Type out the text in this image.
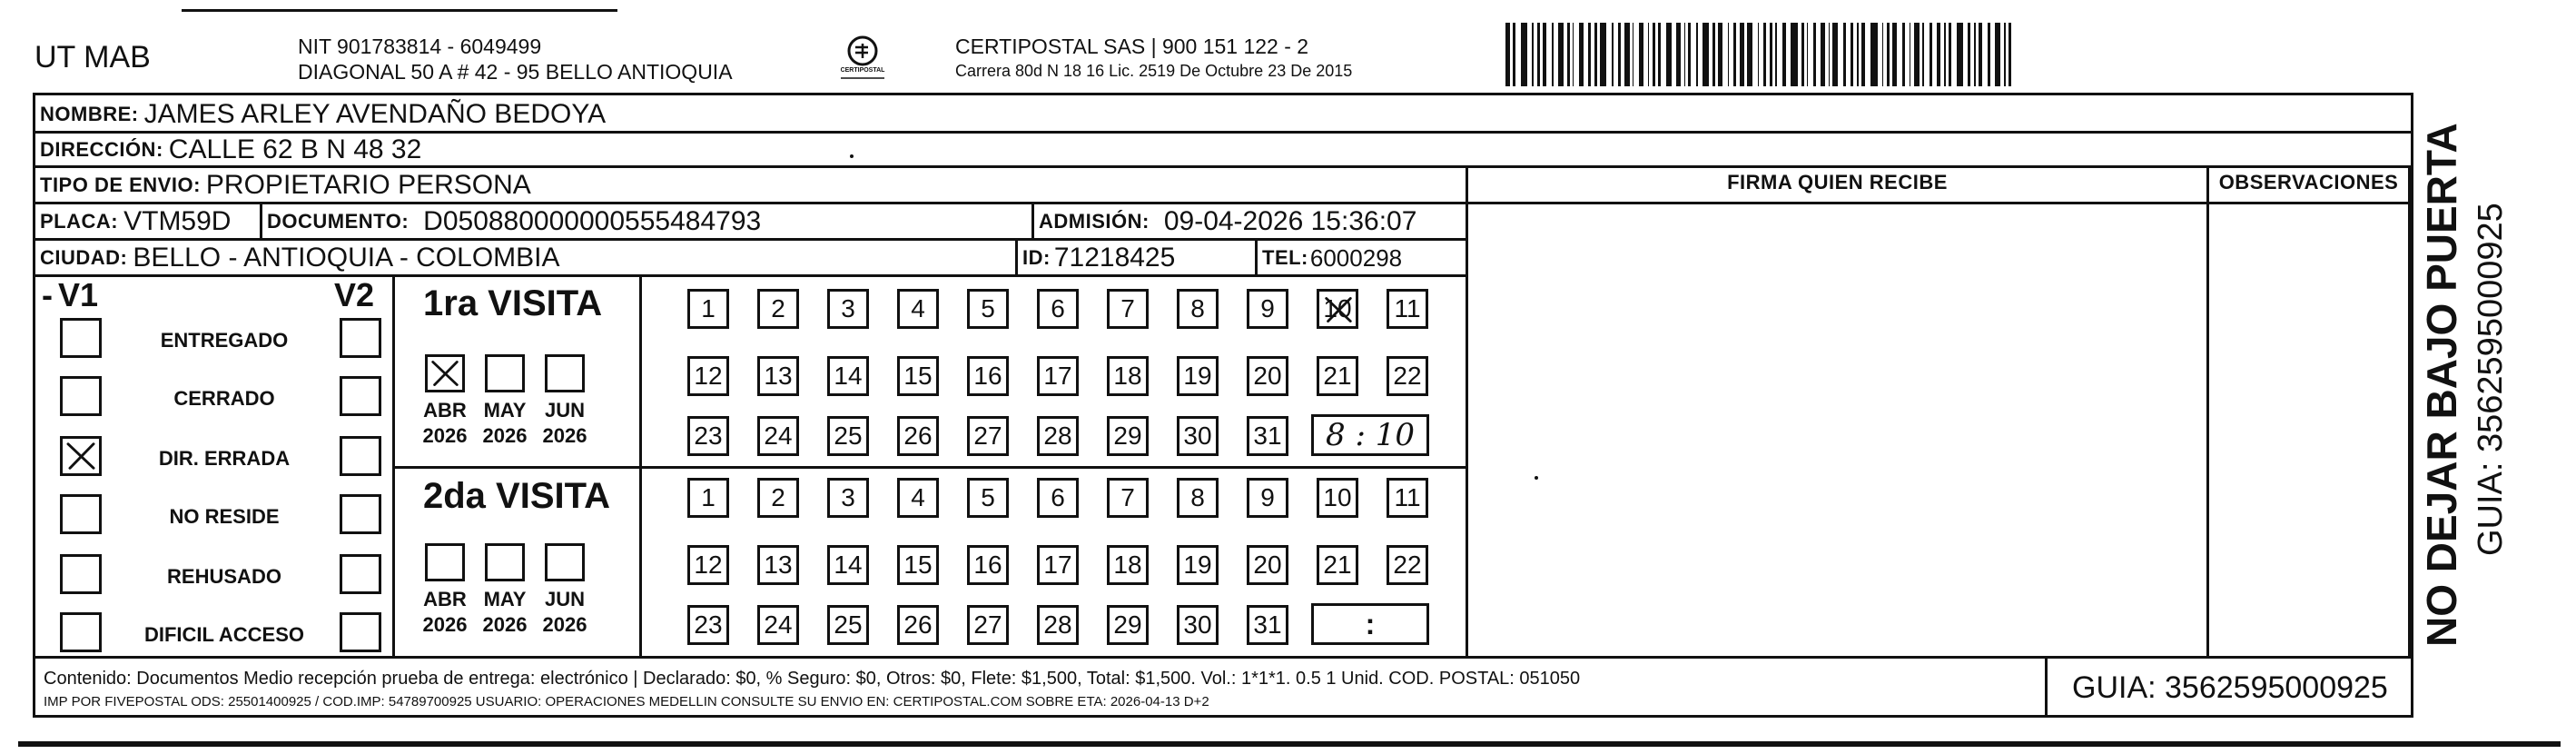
UT MAB	NIT 901783814 - 6049499
DIAGONAL 50 A # 42 - 95 BELLO ANTIOQUIA	CERTIPOSTAL
CERTIPOSTAL SAS | 900 151 122 - 2
Carrera 80d N 18 16 Lic. 2519 De Octubre 23 De 2015
NOMBRE: JAMES ARLEY AVENDAÑO BEDOYA
DIRECCIÓN: CALLE 62 B N 48 32
TIPO DE ENVIO: PROPIETARIO PERSONA
PLACA: VTM59D DOCUMENTO: D050880000000555484793	ADMISIÓN: 09-04-2026 15:36:07
CIUDAD: BELLO - ANTIOQUIA - COLOMBIA	ID: 71218425	TEL: 6000298
FIRMA QUIEN RECIBE	OBSERVACIONES
- V1	V2
ENTREGADO
CERRADO
DIR. ERRADA
NO RESIDE
REHUSADO
DIFICIL ACCESO
1ra VISITA
2da VISITA
ABR
2026
MAY
2026
JUN
2026
ABR
2026
MAY
2026
JUN
2026
1	2	3	4	5	6	7	8	9	10	11
12 13 14 15 16 17 18 19 20 21 22
23 24 25 26 27 28 29 30 31
1	2	3	4	5	6	7	8	9	10	11
12 13 14 15 16 17 18 19 20 21 22
23 24 25 26 27 28 29 30 31
8 : 10
:
Contenido: Documentos Medio recepción prueba de entrega: electrónico | Declarado: $0, % Seguro: $0, Otros: $0, Flete: $1,500, Total: $1,500. Vol.: 1*1*1. 0.5 1 Unid. COD. POSTAL: 051050
IMP POR FIVEPOSTAL ODS: 25501400925 / COD.IMP: 54789700925 USUARIO: OPERACIONES MEDELLIN CONSULTE SU ENVIO EN: CERTIPOSTAL.COM SOBRE ETA: 2026-04-13 D+2	GUIA: 3562595000925
NO DEJAR BAJO PUERTA GUIA: 3562595000925
